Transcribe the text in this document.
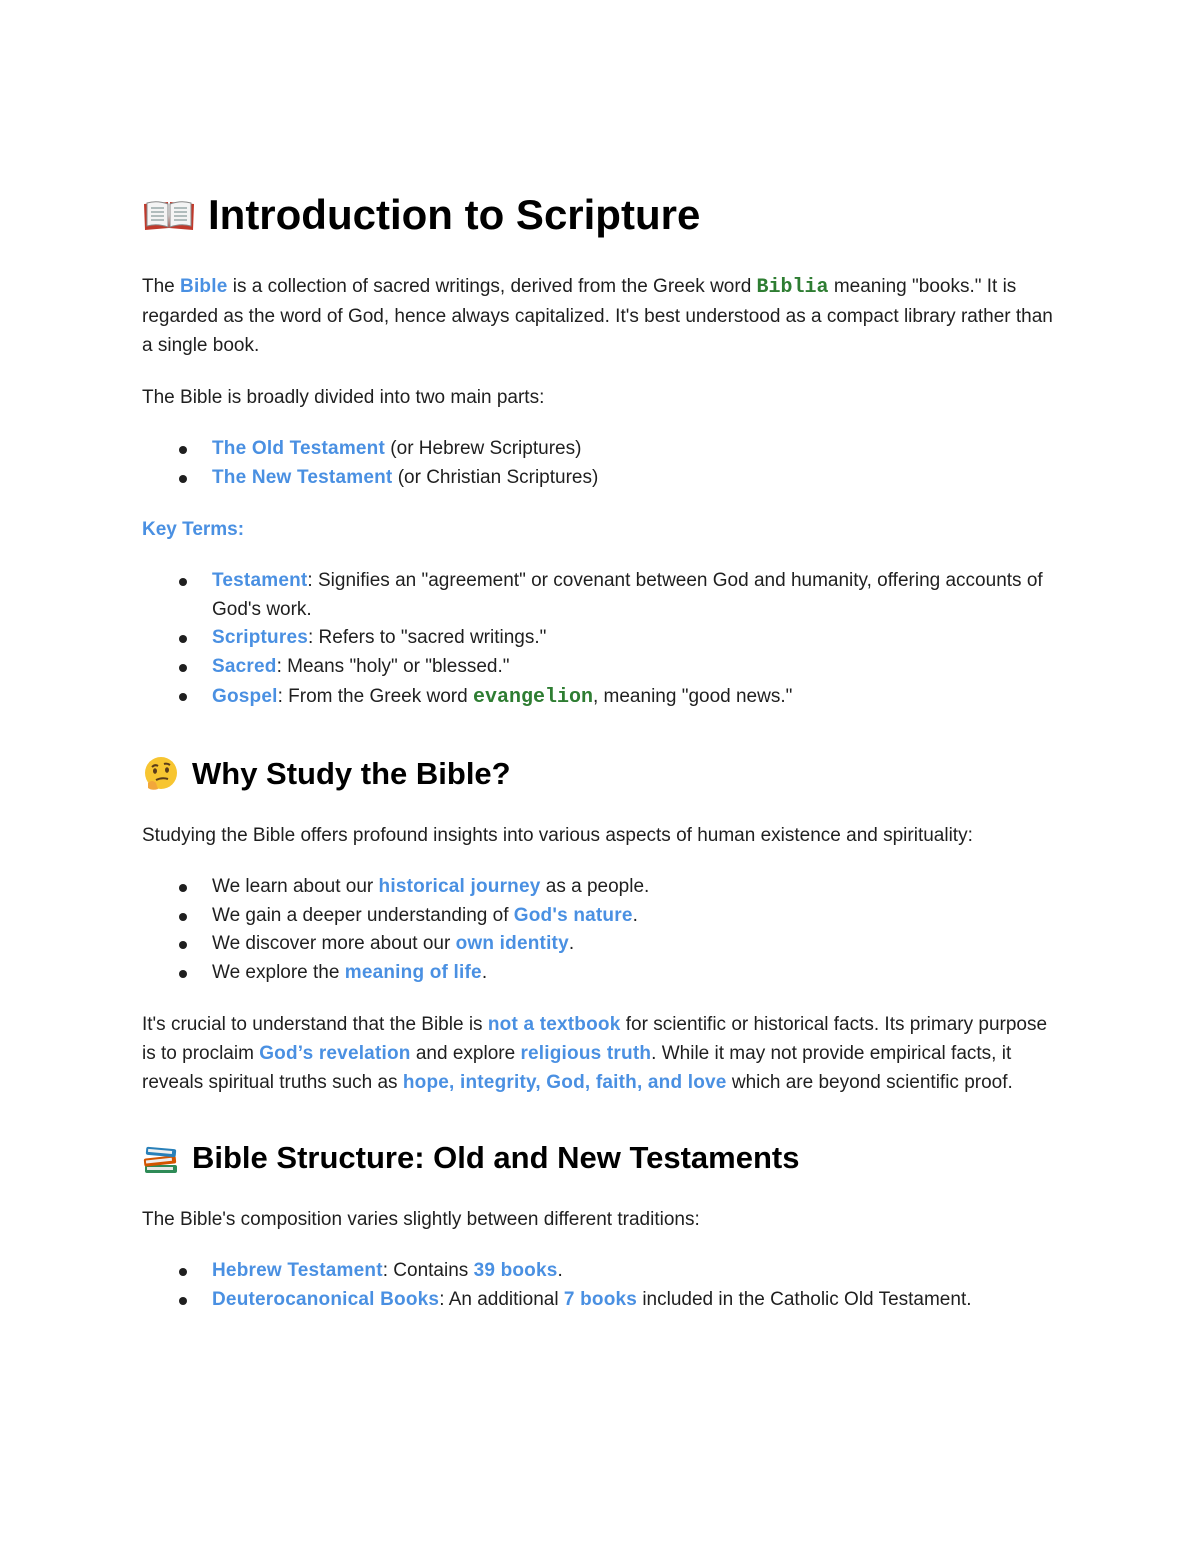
Introduction to Scripture

The Bible is a collection of sacred writings, derived from the Greek word Biblia meaning "books." It is regarded as the word of God, hence always capitalized. It's best understood as a compact library rather than a single book.

The Bible is broadly divided into two main parts:

The Old Testament (or Hebrew Scriptures)
The New Testament (or Christian Scriptures)
Key Terms:
Testament: Signifies an "agreement" or covenant between God and humanity, offering accounts of God's work.
Scriptures: Refers to "sacred writings."
Sacred: Means "holy" or "blessed."
Gospel: From the Greek word evangelion, meaning "good news."
Why Study the Bible?

Studying the Bible offers profound insights into various aspects of human existence and spirituality:

We learn about our historical journey as a people.
We gain a deeper understanding of God's nature.
We discover more about our own identity.
We explore the meaning of life.

It's crucial to understand that the Bible is not a textbook for scientific or historical facts. Its primary purpose is to proclaim God’s revelation and explore religious truth. While it may not provide empirical facts, it reveals spiritual truths such as hope, integrity, God, faith, and love which are beyond scientific proof.

Bible Structure: Old and New Testaments

The Bible's composition varies slightly between different traditions:

Hebrew Testament: Contains 39 books.
Deuterocanonical Books: An additional 7 books included in the Catholic Old Testament.
